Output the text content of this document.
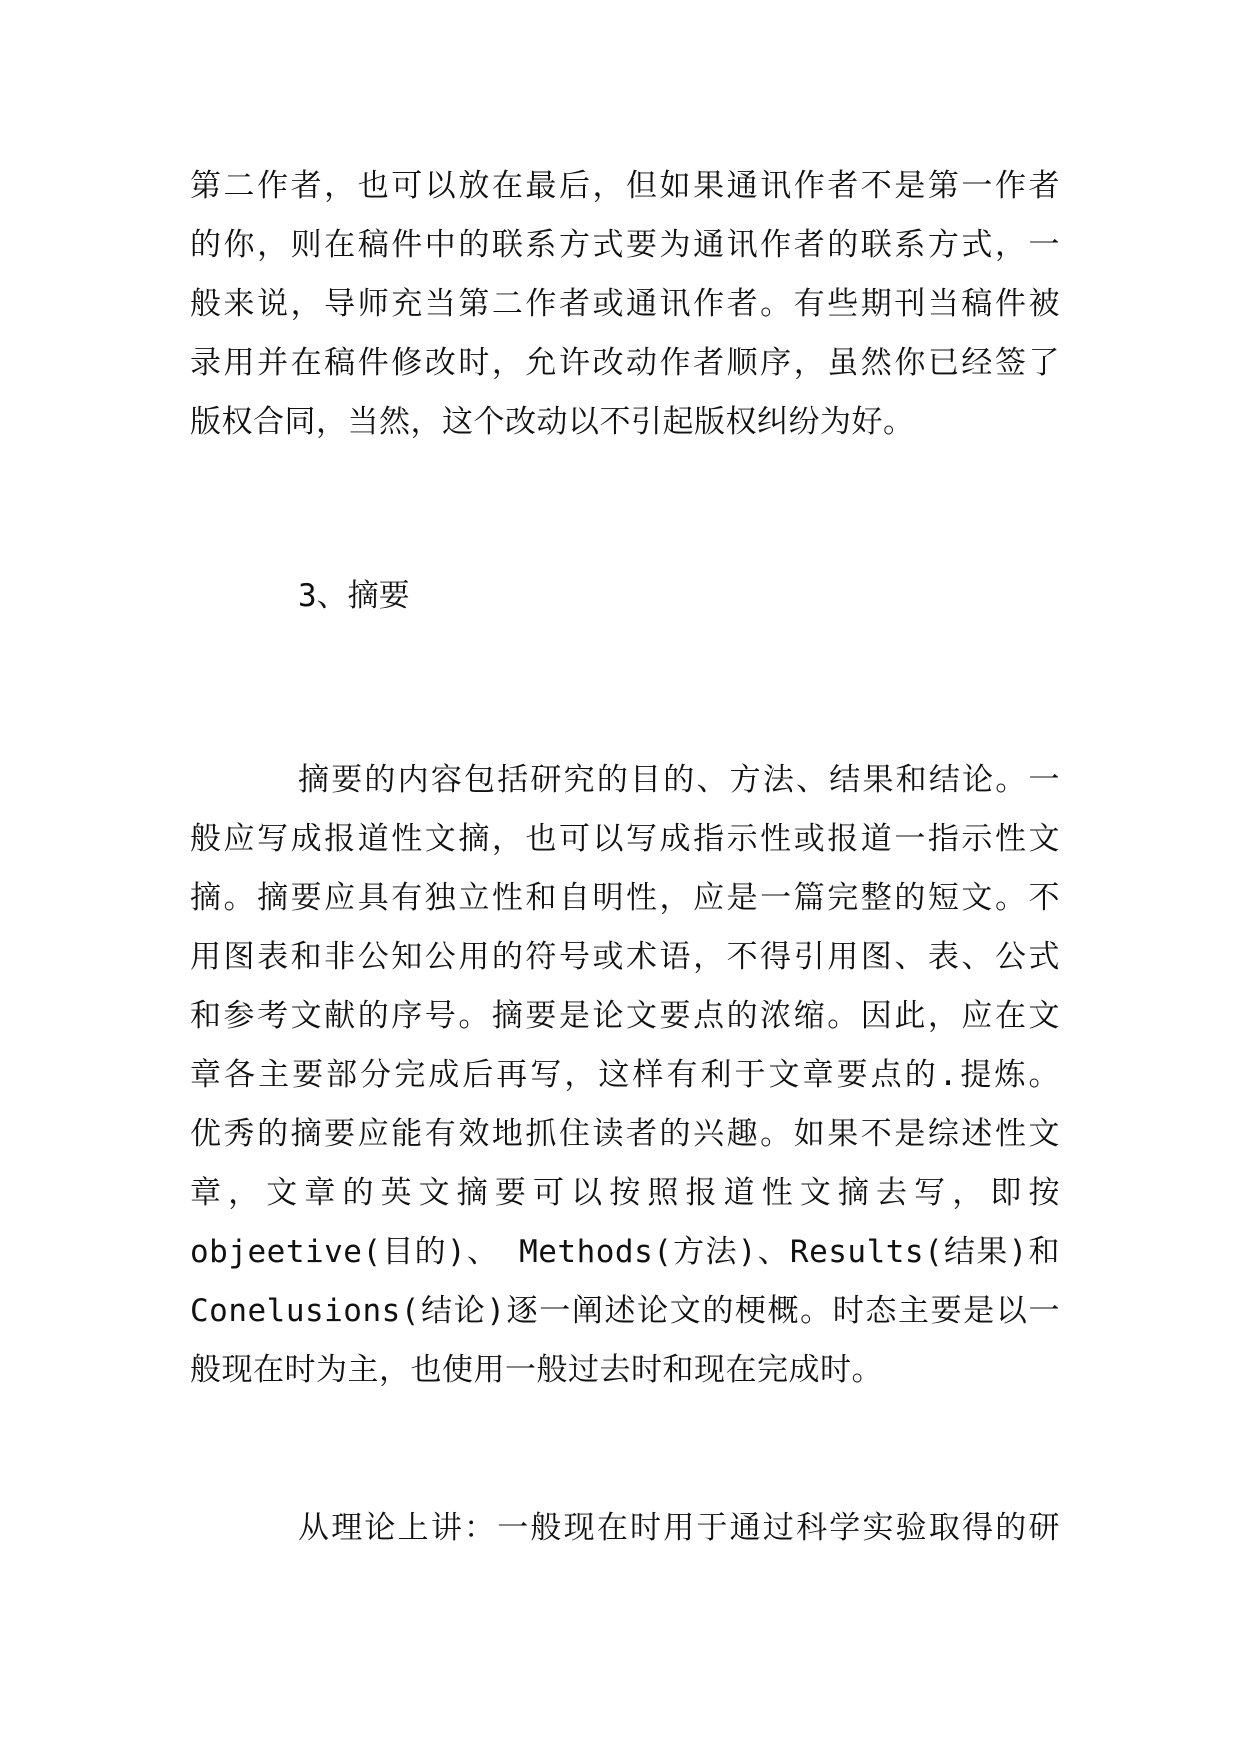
第二作者，也可以放在最后，但如果通讯作者不是第一作者
的你，则在稿件中的联系方式要为通讯作者的联系方式，一
般来说，导师充当第二作者或通讯作者。有些期刊当稿件被
录用并在稿件修改时，允许改动作者顺序，虽然你已经签了
版权合同，当然，这个改动以不引起版权纠纷为好。
3、摘要
摘要的内容包括研究的目的、方法、结果和结论。一
般应写成报道性文摘，也可以写成指示性或报道一指示性文
摘。摘要应具有独立性和自明性，应是一篇完整的短文。不
用图表和非公知公用的符号或术语，不得引用图、表、公式
和参考文献的序号。摘要是论文要点的浓缩。因此，应在文
章各主要部分完成后再写，这样有利于文章要点的.提炼。
优秀的摘要应能有效地抓住读者的兴趣。如果不是综述性文
章，文章的英文摘要可以按照报道性文摘去写，即按
objeetive(目的)、 Methods(方法)、Results(结果)和
Conelusions(结论)逐一阐述论文的梗概。时态主要是以一
般现在时为主，也使用一般过去时和现在完成时。
从理论上讲：一般现在时用于通过科学实验取得的研
